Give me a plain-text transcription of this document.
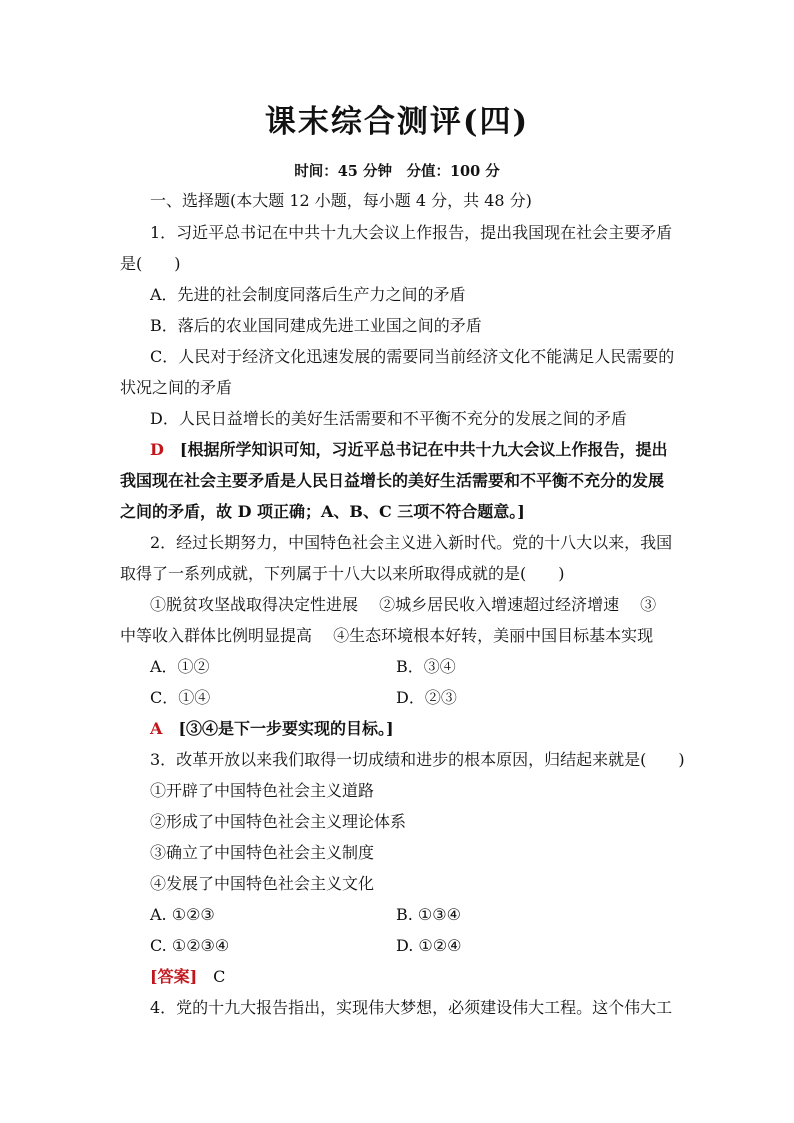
课末综合测评(四)
时间：45 分钟　分值：100 分
一、选择题(本大题 12 小题，每小题 4 分，共 48 分)
1．习近平总书记在中共十九大会议上作报告，提出我国现在社会主要矛盾
是(　　)
A．先进的社会制度同落后生产力之间的矛盾
B．落后的农业国同建成先进工业国之间的矛盾
C．人民对于经济文化迅速发展的需要同当前经济文化不能满足人民需要的
状况之间的矛盾
D．人民日益增长的美好生活需要和不平衡不充分的发展之间的矛盾
D　 [根据所学知识可知，习近平总书记在中共十九大会议上作报告，提出
我国现在社会主要矛盾是人民日益增长的美好生活需要和不平衡不充分的发展
之间的矛盾，故 D 项正确；A、B、C 三项不符合题意。]
2．经过长期努力，中国特色社会主义进入新时代。党的十八大以来，我国
取得了一系列成就，下列属于十八大以来所取得成就的是(　　)
①脱贫攻坚战取得决定性进展　 ②城乡居民收入增速超过经济增速　 ③
中等收入群体比例明显提高　 ④生态环境根本好转，美丽中国目标基本实现
A．①②	B．③④
C．①④	D．②③
A　 [③④是下一步要实现的目标。]
3．改革开放以来我们取得一切成绩和进步的根本原因，归结起来就是(　　)
①开辟了中国特色社会主义道路
②形成了中国特色社会主义理论体系
③确立了中国特色社会主义制度
④发展了中国特色社会主义文化
A. ①②③	B. ①③④
C. ①②③④	D. ①②④
[答案]　 C
4．党的十九大报告指出，实现伟大梦想，必须建设伟大工程。这个伟大工
